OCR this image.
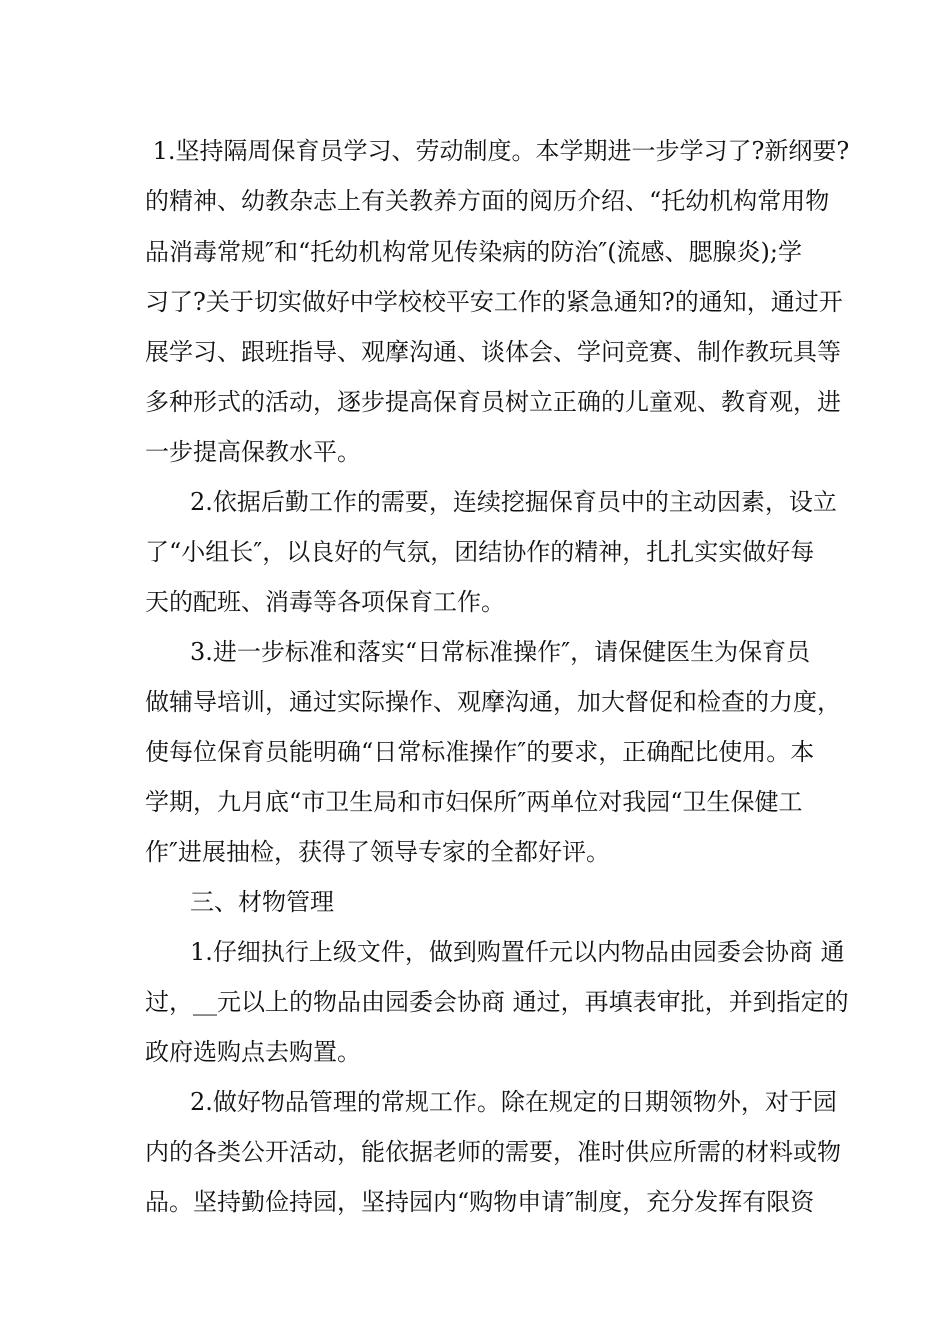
1.坚持隔周保育员学习、劳动制度。本学期进一步学习了?新纲要?
的精神、幼教杂志上有关教养方面的阅历介绍、“托幼机构常用物
品消毒常规″和“托幼机构常见传染病的防治″(流感、腮腺炎);学
习了?关于切实做好中学校校平安工作的紧急通知?的通知，通过开
展学习、跟班指导、观摩沟通、谈体会、学问竞赛、制作教玩具等
多种形式的活动，逐步提高保育员树立正确的儿童观、教育观，进
一步提高保教水平。
2.依据后勤工作的需要，连续挖掘保育员中的主动因素，设立
了“小组长″，以良好的气氛，团结协作的精神，扎扎实实做好每
天的配班、消毒等各项保育工作。
3.进一步标准和落实“日常标准操作″，请保健医生为保育员
做辅导培训，通过实际操作、观摩沟通，加大督促和检查的力度，
使每位保育员能明确“日常标准操作″的要求，正确配比使用。本
学期，九月底“市卫生局和市妇保所″两单位对我园“卫生保健工
作″进展抽检，获得了领导专家的全都好评。
三、材物管理
1.仔细执行上级文件，做到购置仟元以内物品由园委会协商 通
过，__元以上的物品由园委会协商 通过，再填表审批，并到指定的
政府选购点去购置。
2.做好物品管理的常规工作。除在规定的日期领物外，对于园
内的各类公开活动，能依据老师的需要，准时供应所需的材料或物
品。坚持勤俭持园，坚持园内“购物申请″制度，充分发挥有限资
